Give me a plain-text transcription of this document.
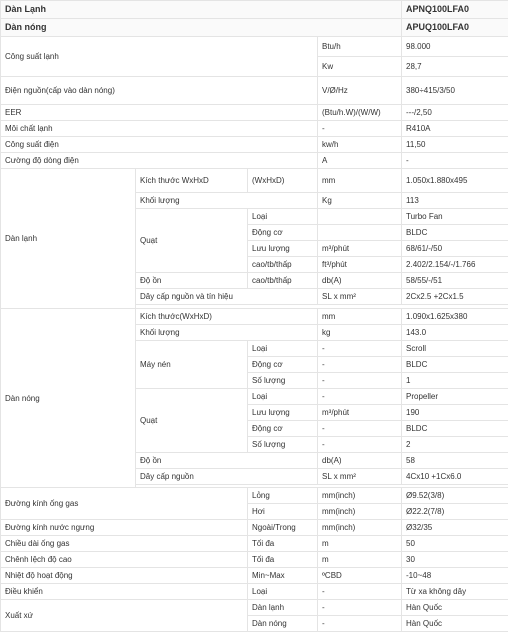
Dàn Lạnh				APNQ100LFA0
Dàn nóng				APUQ100LFA0
Công suất lạnh			Btu/h	98.000
			Kw	28,7
Điện nguồn(cấp vào dàn nóng)			V/Ø/Hz	380÷415/3/50
EER			(Btu/h.W)/(W/W)	---/2,50
Môi chất lạnh			-	R410A
Công suất điện			kw/h	11,50
Cường độ dòng điện			A	-
Dàn lạnh	Kích thước WxHxD	(WxHxD)	mm	1.050x1.880x495
	Khối lượng		Kg	113
	Quạt	Loại		Turbo Fan
		Động cơ		BLDC
		Lưu lượng	m³/phút	68/61/-/50
		cao/tb/thấp	ft³/phút	2.402/2.154/-/1.766
	Độ ồn	cao/tb/thấp	db(A)	58/55/-/51
	Dây cấp nguồn và tín hiệu		SL x mm²	2Cx2.5 +2Cx1.5

Dàn nóng	Kích thước(WxHxD)		mm	1.090x1.625x380
	Khối lượng		kg	143.0
	Máy nén	Loại	-	Scroll
		Động cơ	-	BLDC
		Số lượng	-	1
	Quạt	Loại	-	Propeller
		Lưu lượng	m³/phút	190
		Động cơ	-	BLDC
		Số lượng	-	2
	Độ ồn		db(A)	58
	Dây cấp nguồn		SL x mm²	4Cx10 +1Cx6.0

Đường kính ống gas		Lỏng	mm(inch)	Ø9.52(3/8)
		Hơi	mm(inch)	Ø22.2(7/8)
Đường kính nước ngưng		Ngoài/Trong	mm(inch)	Ø32/35
Chiều dài ống gas		Tối đa	m	50
Chênh lệch độ cao		Tối đa	m	30
Nhiệt độ hoạt động		Min~Max	ºCBD	-10~48
Điều khiển		Loại	-	Từ xa không dây
Xuất xứ		Dàn lạnh	-	Hàn Quốc
		Dàn nóng	-	Hàn Quốc
